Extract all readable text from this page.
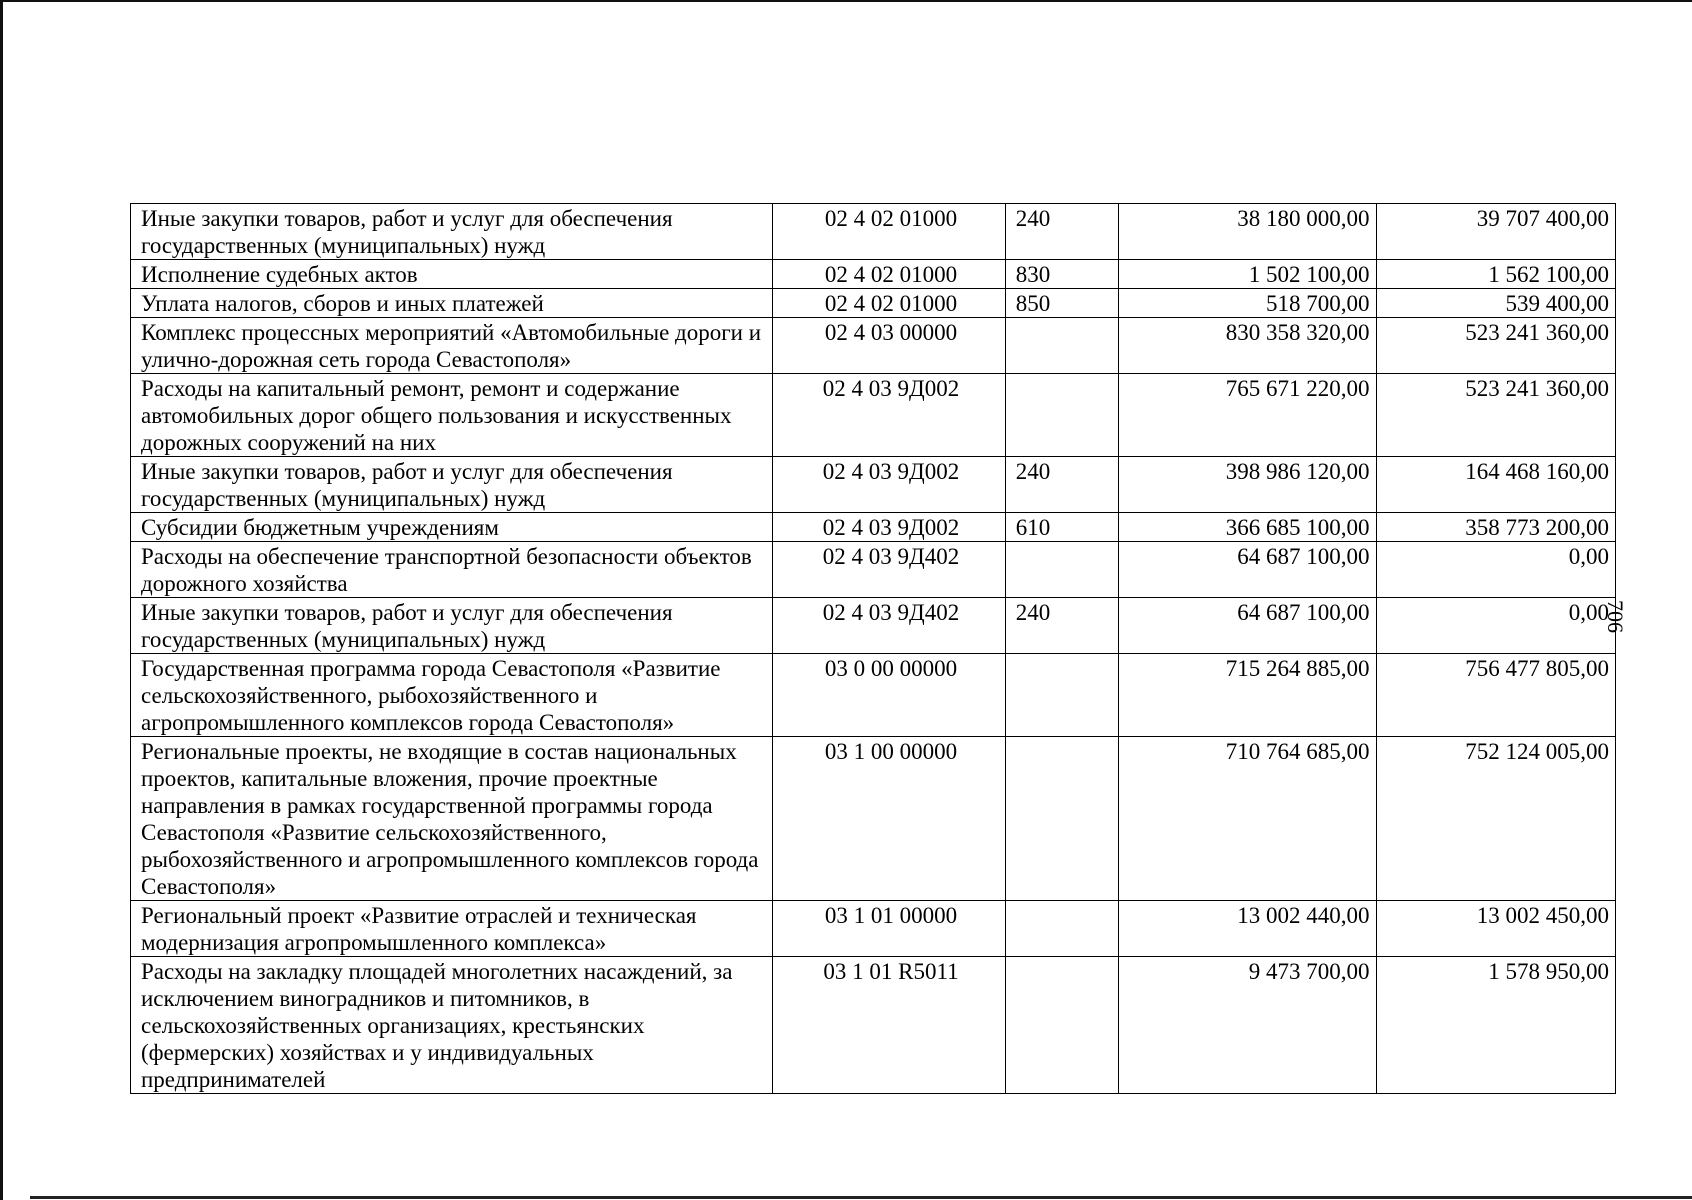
706
Иные закупки товаров, работ и услуг для обеспечения государственных (муниципальных) нужд	02 4 02 01000	240	38 180 000,00	39 707 400,00
Исполнение судебных актов	02 4 02 01000	830	1 502 100,00	1 562 100,00
Уплата налогов, сборов и иных платежей	02 4 02 01000	850	518 700,00	539 400,00
Комплекс процессных мероприятий «Автомобильные дороги и улично-дорожная сеть города Севастополя»	02 4 03 00000		830 358 320,00	523 241 360,00
Расходы на капитальный ремонт, ремонт и содержание автомобильных дорог общего пользования и искусственных дорожных сооружений на них	02 4 03 9Д002		765 671 220,00	523 241 360,00
Иные закупки товаров, работ и услуг для обеспечения государственных (муниципальных) нужд	02 4 03 9Д002	240	398 986 120,00	164 468 160,00
Субсидии бюджетным учреждениям	02 4 03 9Д002	610	366 685 100,00	358 773 200,00
Расходы на обеспечение транспортной безопасности объектов дорожного хозяйства	02 4 03 9Д402		64 687 100,00	0,00
Иные закупки товаров, работ и услуг для обеспечения государственных (муниципальных) нужд	02 4 03 9Д402	240	64 687 100,00	0,00
Государственная программа города Севастополя «Развитие сельскохозяйственного, рыбохозяйственного и агропромышленного комплексов города Севастополя»	03 0 00 00000		715 264 885,00	756 477 805,00
Региональные проекты, не входящие в состав национальных проектов, капитальные вложения, прочие проектные направления в рамках государственной программы города Севастополя «Развитие сельскохозяйственного, рыбохозяйственного и агропромышленного комплексов города Севастополя»	03 1 00 00000		710 764 685,00	752 124 005,00
Региональный проект «Развитие отраслей и техническая модернизация агропромышленного комплекса»	03 1 01 00000		13 002 440,00	13 002 450,00
Расходы на закладку площадей многолетних насаждений, за исключением виноградников и питомников, в сельскохозяйственных организациях, крестьянских (фермерских) хозяйствах и у индивидуальных предпринимателей	03 1 01 R5011		9 473 700,00	1 578 950,00
